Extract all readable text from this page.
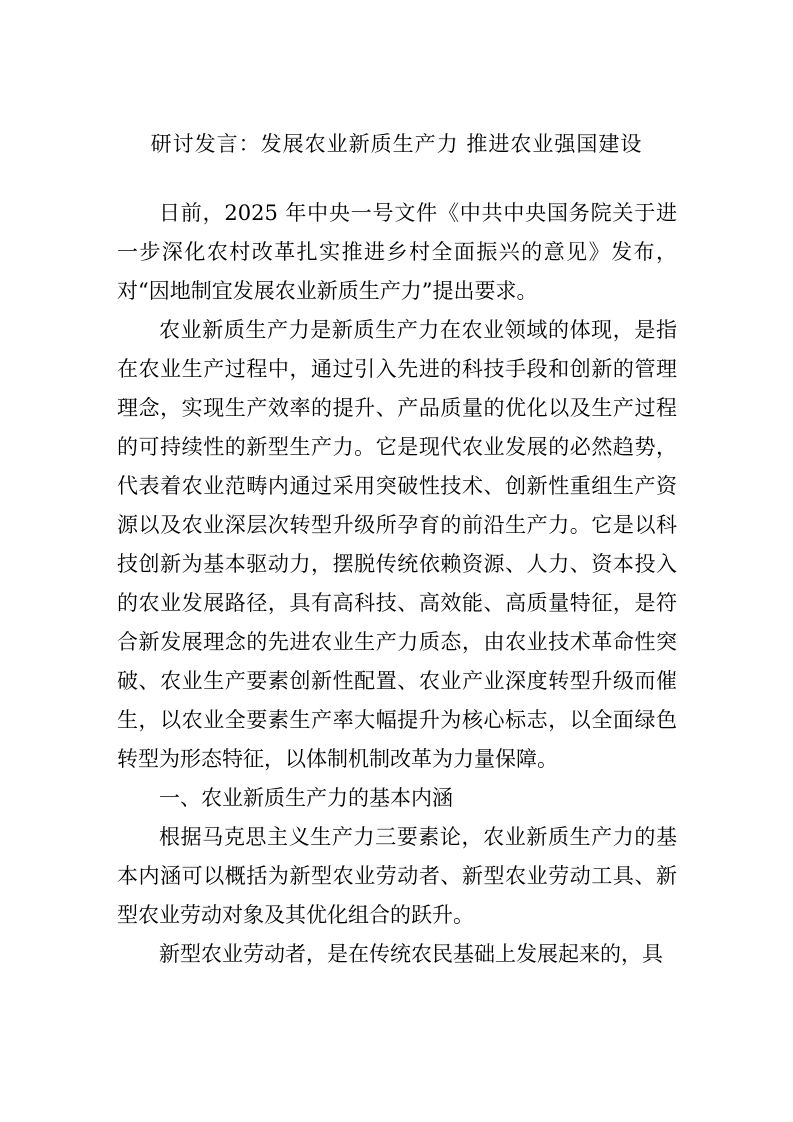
研讨发言：发展农业新质生产力 推进农业强国建设

日前，2025 年中央一号文件《中共中央国务院关于进一步深化农村改革扎实推进乡村全面振兴的意见》发布，对“因地制宜发展农业新质生产力”提出要求。

农业新质生产力是新质生产力在农业领域的体现，是指在农业生产过程中，通过引入先进的科技手段和创新的管理理念，实现生产效率的提升、产品质量的优化以及生产过程的可持续性的新型生产力。它是现代农业发展的必然趋势，代表着农业范畴内通过采用突破性技术、创新性重组生产资源以及农业深层次转型升级所孕育的前沿生产力。它是以科技创新为基本驱动力，摆脱传统依赖资源、人力、资本投入的农业发展路径，具有高科技、高效能、高质量特征，是符合新发展理念的先进农业生产力质态，由农业技术革命性突破、农业生产要素创新性配置、农业产业深度转型升级而催生，以农业全要素生产率大幅提升为核心标志，以全面绿色转型为形态特征，以体制机制改革为力量保障。

一、农业新质生产力的基本内涵

根据马克思主义生产力三要素论，农业新质生产力的基本内涵可以概括为新型农业劳动者、新型农业劳动工具、新型农业劳动对象及其优化组合的跃升。

新型农业劳动者，是在传统农民基础上发展起来的，具
